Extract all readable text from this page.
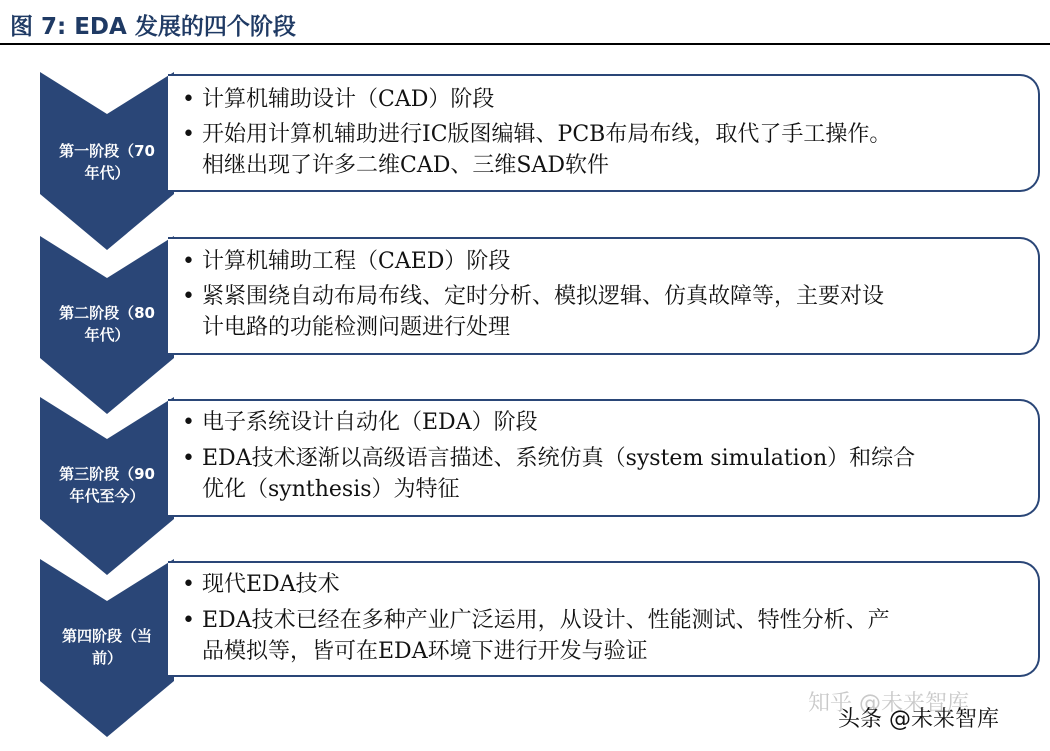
图 7: EDA 发展的四个阶段
第一阶段（70
年代）
• 计算机辅助设计（CAD）阶段
• 开始用计算机辅助进行IC版图编辑、PCB布局布线，取代了手工操作。
相继出现了许多二维CAD、三维SAD软件
第二阶段（80
年代）
• 计算机辅助工程（CAED）阶段
• 紧紧围绕自动布局布线、定时分析、模拟逻辑、仿真故障等，主要对设
计电路的功能检测问题进行处理
第三阶段（90
年代至今）
• 电子系统设计自动化（EDA）阶段
• EDA技术逐渐以高级语言描述、系统仿真（system simulation）和综合
优化（synthesis）为特征
第四阶段（当
前）
• 现代EDA技术
• EDA技术已经在多种产业广泛运用，从设计、性能测试、特性分析、产
品模拟等，皆可在EDA环境下进行开发与验证
知乎 @未来智库
头条 @未来智库
